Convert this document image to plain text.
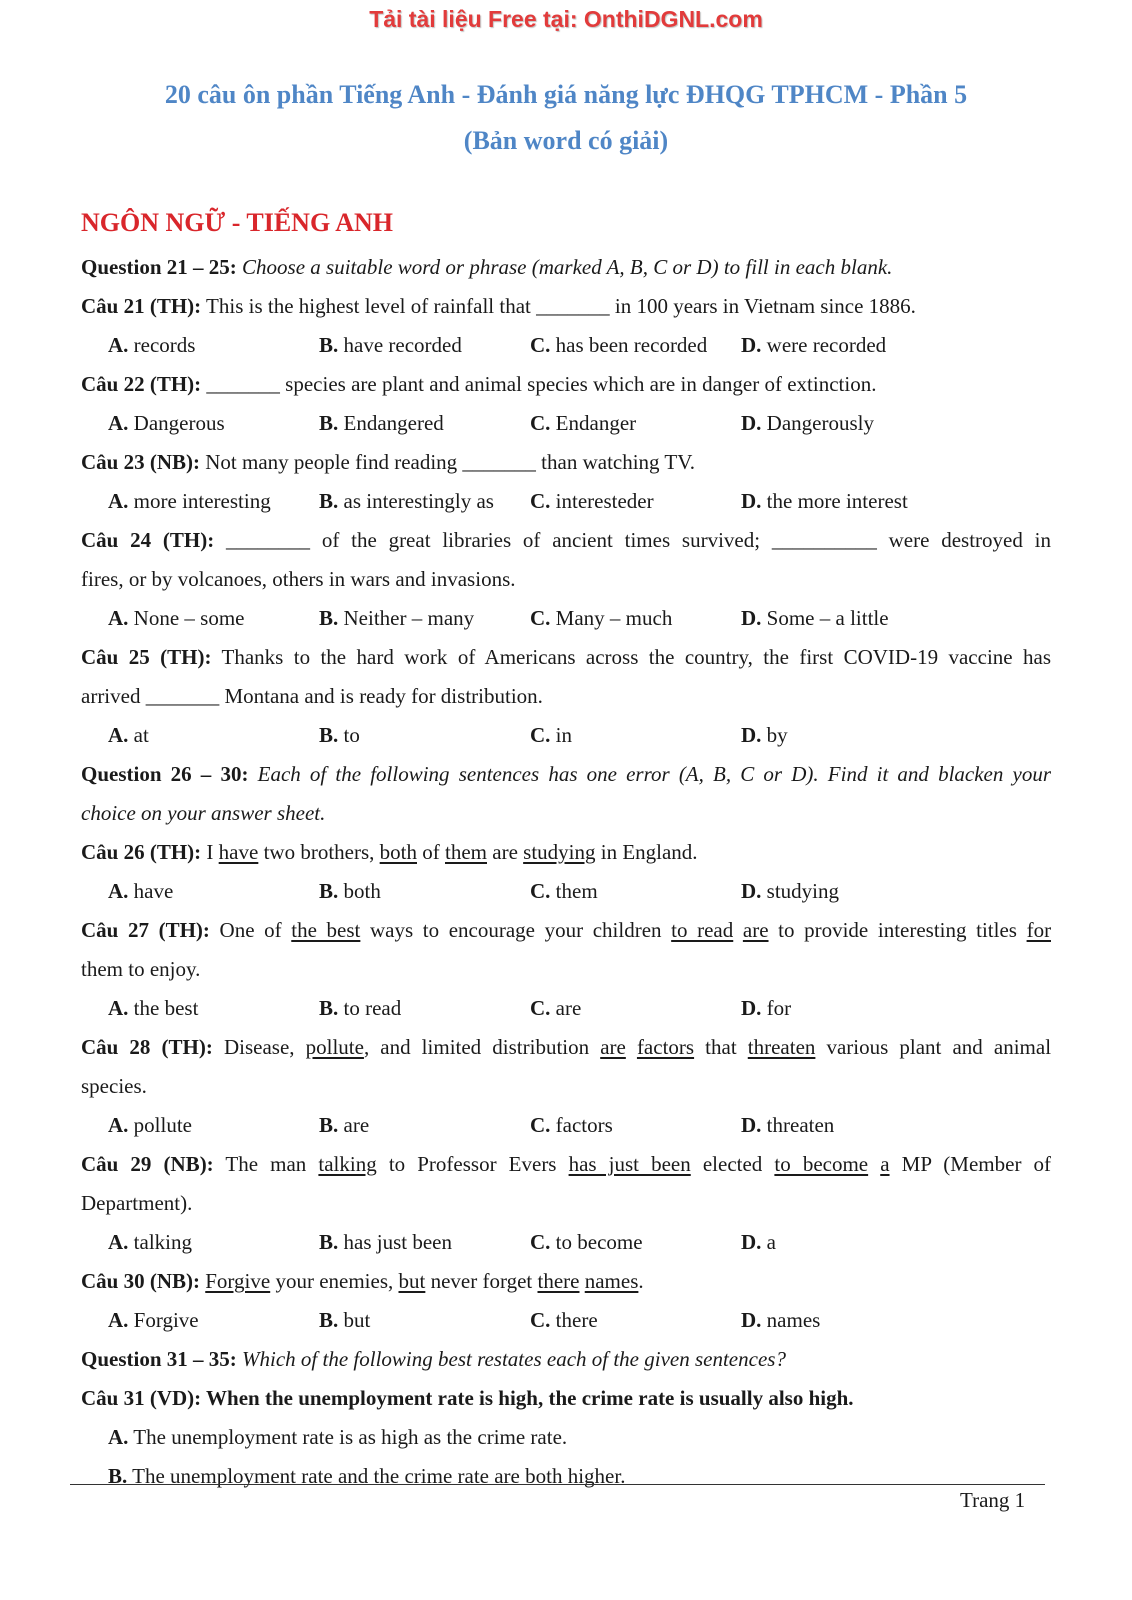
Tải tài liệu Free tại: OnthiDGNL.com
20 câu ôn phần Tiếng Anh - Đánh giá năng lực ĐHQG TPHCM - Phần 5
(Bản word có giải)
NGÔN NGỮ - TIẾNG ANH
Question 21 – 25: Choose a suitable word or phrase (marked A, B, C or D) to fill in each blank.
Câu 21 (TH): This is the highest level of rainfall that _______ in 100 years in Vietnam since 1886.
A. records	B. have recorded	C. has been recorded D. were recorded
Câu 22 (TH): _______ species are plant and animal species which are in danger of extinction.
A. Dangerous	B. Endangered	C. Endanger	D. Dangerously
Câu 23 (NB): Not many people find reading _______ than watching TV.
A. more interesting B. as interestingly as C. interesteder	D. the more interest
Câu 24 (TH): ________ of the great libraries of ancient times survived; __________ were destroyed in
fires, or by volcanoes, others in wars and invasions.
A. None – some	B. Neither – many	C. Many – much	D. Some – a little
Câu 25 (TH): Thanks to the hard work of Americans across the country, the first COVID-19 vaccine has
arrived _______ Montana and is ready for distribution.
A. at	B. to	C. in	D. by
Question 26 – 30: Each of the following sentences has one error (A, B, C or D). Find it and blacken your
choice on your answer sheet.
Câu 26 (TH): I have two brothers, both of them are studying in England.
A. have	B. both	C. them	D. studying
Câu 27 (TH): One of the best ways to encourage your children to read are to provide interesting titles for
them to enjoy.
A. the best	B. to read	C. are	D. for
Câu 28 (TH): Disease, pollute, and limited distribution are factors that threaten various plant and animal
species.
A. pollute	B. are	C. factors	D. threaten
Câu 29 (NB): The man talking to Professor Evers has just been elected to become a MP (Member of
Department).
A. talking	B. has just been	C. to become	D. a
Câu 30 (NB): Forgive your enemies, but never forget there names.
A. Forgive	B. but	C. there	D. names
Question 31 – 35: Which of the following best restates each of the given sentences?
Câu 31 (VD): When the unemployment rate is high, the crime rate is usually also high.
A. The unemployment rate is as high as the crime rate.
B. The unemployment rate and the crime rate are both higher.
Trang 1
